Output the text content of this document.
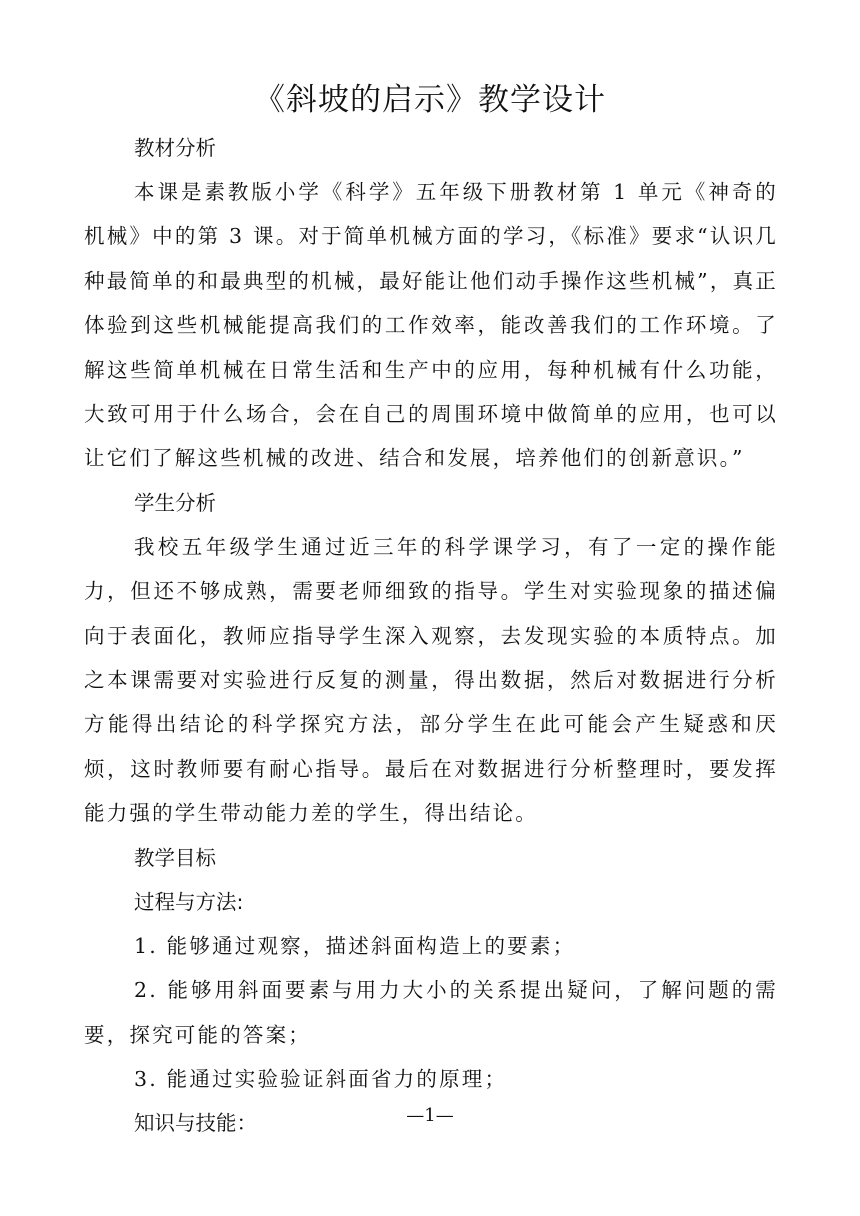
《斜坡的启示》教学设计

教材分析

本课是素教版小学《科学》五年级下册教材第 1 单元《神奇的机械》中的第 3 课。对于简单机械方面的学习，《标准》要求“认识几种最简单的和最典型的机械，最好能让他们动手操作这些机械”，真正体验到这些机械能提高我们的工作效率，能改善我们的工作环境。了解这些简单机械在日常生活和生产中的应用，每种机械有什么功能，大致可用于什么场合，会在自己的周围环境中做简单的应用，也可以让它们了解这些机械的改进、结合和发展，培养他们的创新意识。”

学生分析

我校五年级学生通过近三年的科学课学习，有了一定的操作能力，但还不够成熟，需要老师细致的指导。学生对实验现象的描述偏向于表面化，教师应指导学生深入观察，去发现实验的本质特点。加之本课需要对实验进行反复的测量，得出数据，然后对数据进行分析方能得出结论的科学探究方法，部分学生在此可能会产生疑惑和厌烦，这时教师要有耐心指导。最后在对数据进行分析整理时，要发挥能力强的学生带动能力差的学生，得出结论。

教学目标

过程与方法:

1. 能够通过观察，描述斜面构造上的要素；

2. 能够用斜面要素与用力大小的关系提出疑问，了解问题的需要，探究可能的答案；

3. 能通过实验验证斜面省力的原理；

知识与技能：	—1—
